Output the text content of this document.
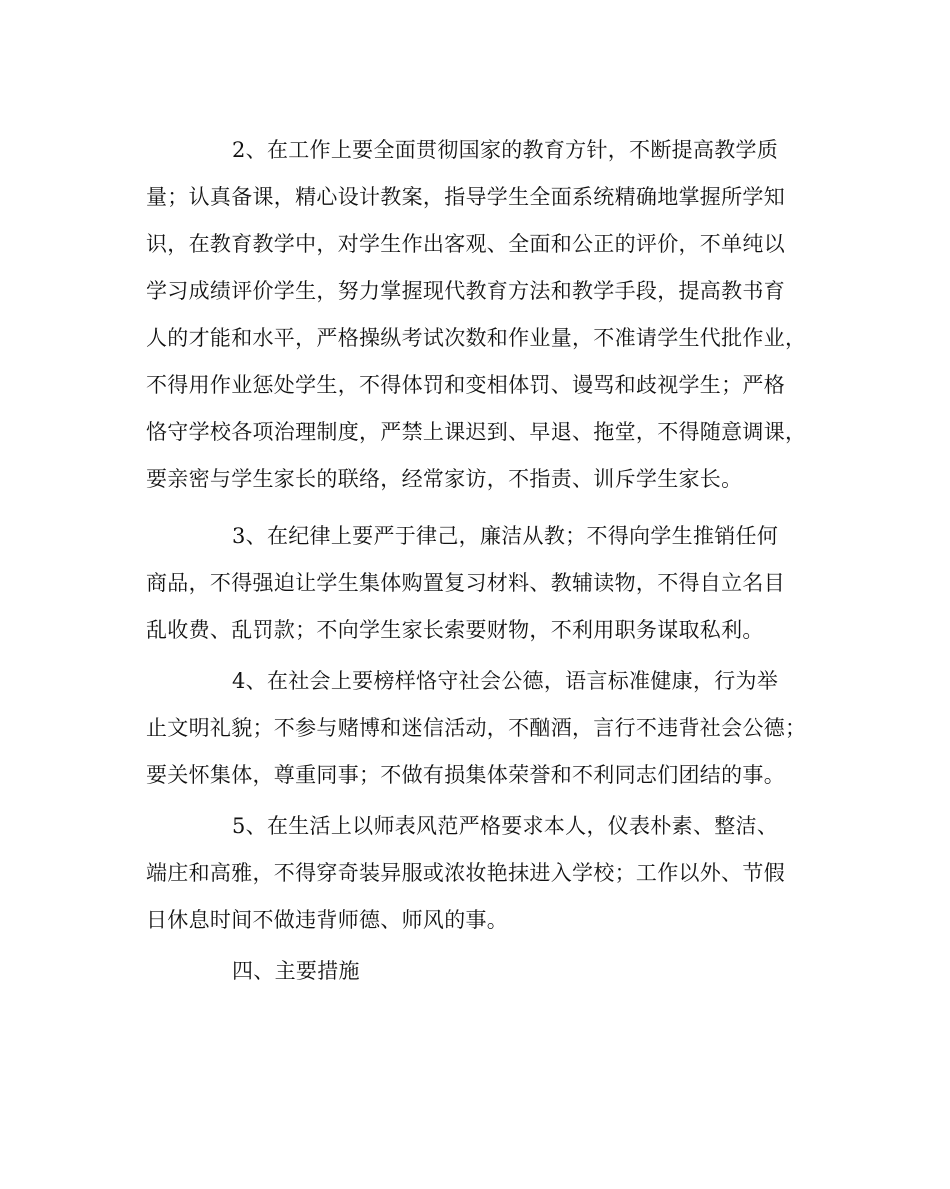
2、在工作上要全面贯彻国家的教育方针，不断提高教学质
量；认真备课，精心设计教案，指导学生全面系统精确地掌握所学知
识，在教育教学中，对学生作出客观、全面和公正的评价，不单纯以
学习成绩评价学生，努力掌握现代教育方法和教学手段，提高教书育
人的才能和水平，严格操纵考试次数和作业量，不准请学生代批作业，
不得用作业惩处学生，不得体罚和变相体罚、谩骂和歧视学生；严格
恪守学校各项治理制度，严禁上课迟到、早退、拖堂，不得随意调课，
要亲密与学生家长的联络，经常家访，不指责、训斥学生家长。
3、在纪律上要严于律己，廉洁从教；不得向学生推销任何
商品，不得强迫让学生集体购置复习材料、教辅读物，不得自立名目
乱收费、乱罚款；不向学生家长索要财物，不利用职务谋取私利。
4、在社会上要榜样恪守社会公德，语言标准健康，行为举
止文明礼貌；不参与赌博和迷信活动，不酗酒，言行不违背社会公德；
要关怀集体，尊重同事；不做有损集体荣誉和不利同志们团结的事。
5、在生活上以师表风范严格要求本人，仪表朴素、整洁、
端庄和高雅，不得穿奇装异服或浓妆艳抹进入学校；工作以外、节假
日休息时间不做违背师德、师风的事。
四、主要措施
